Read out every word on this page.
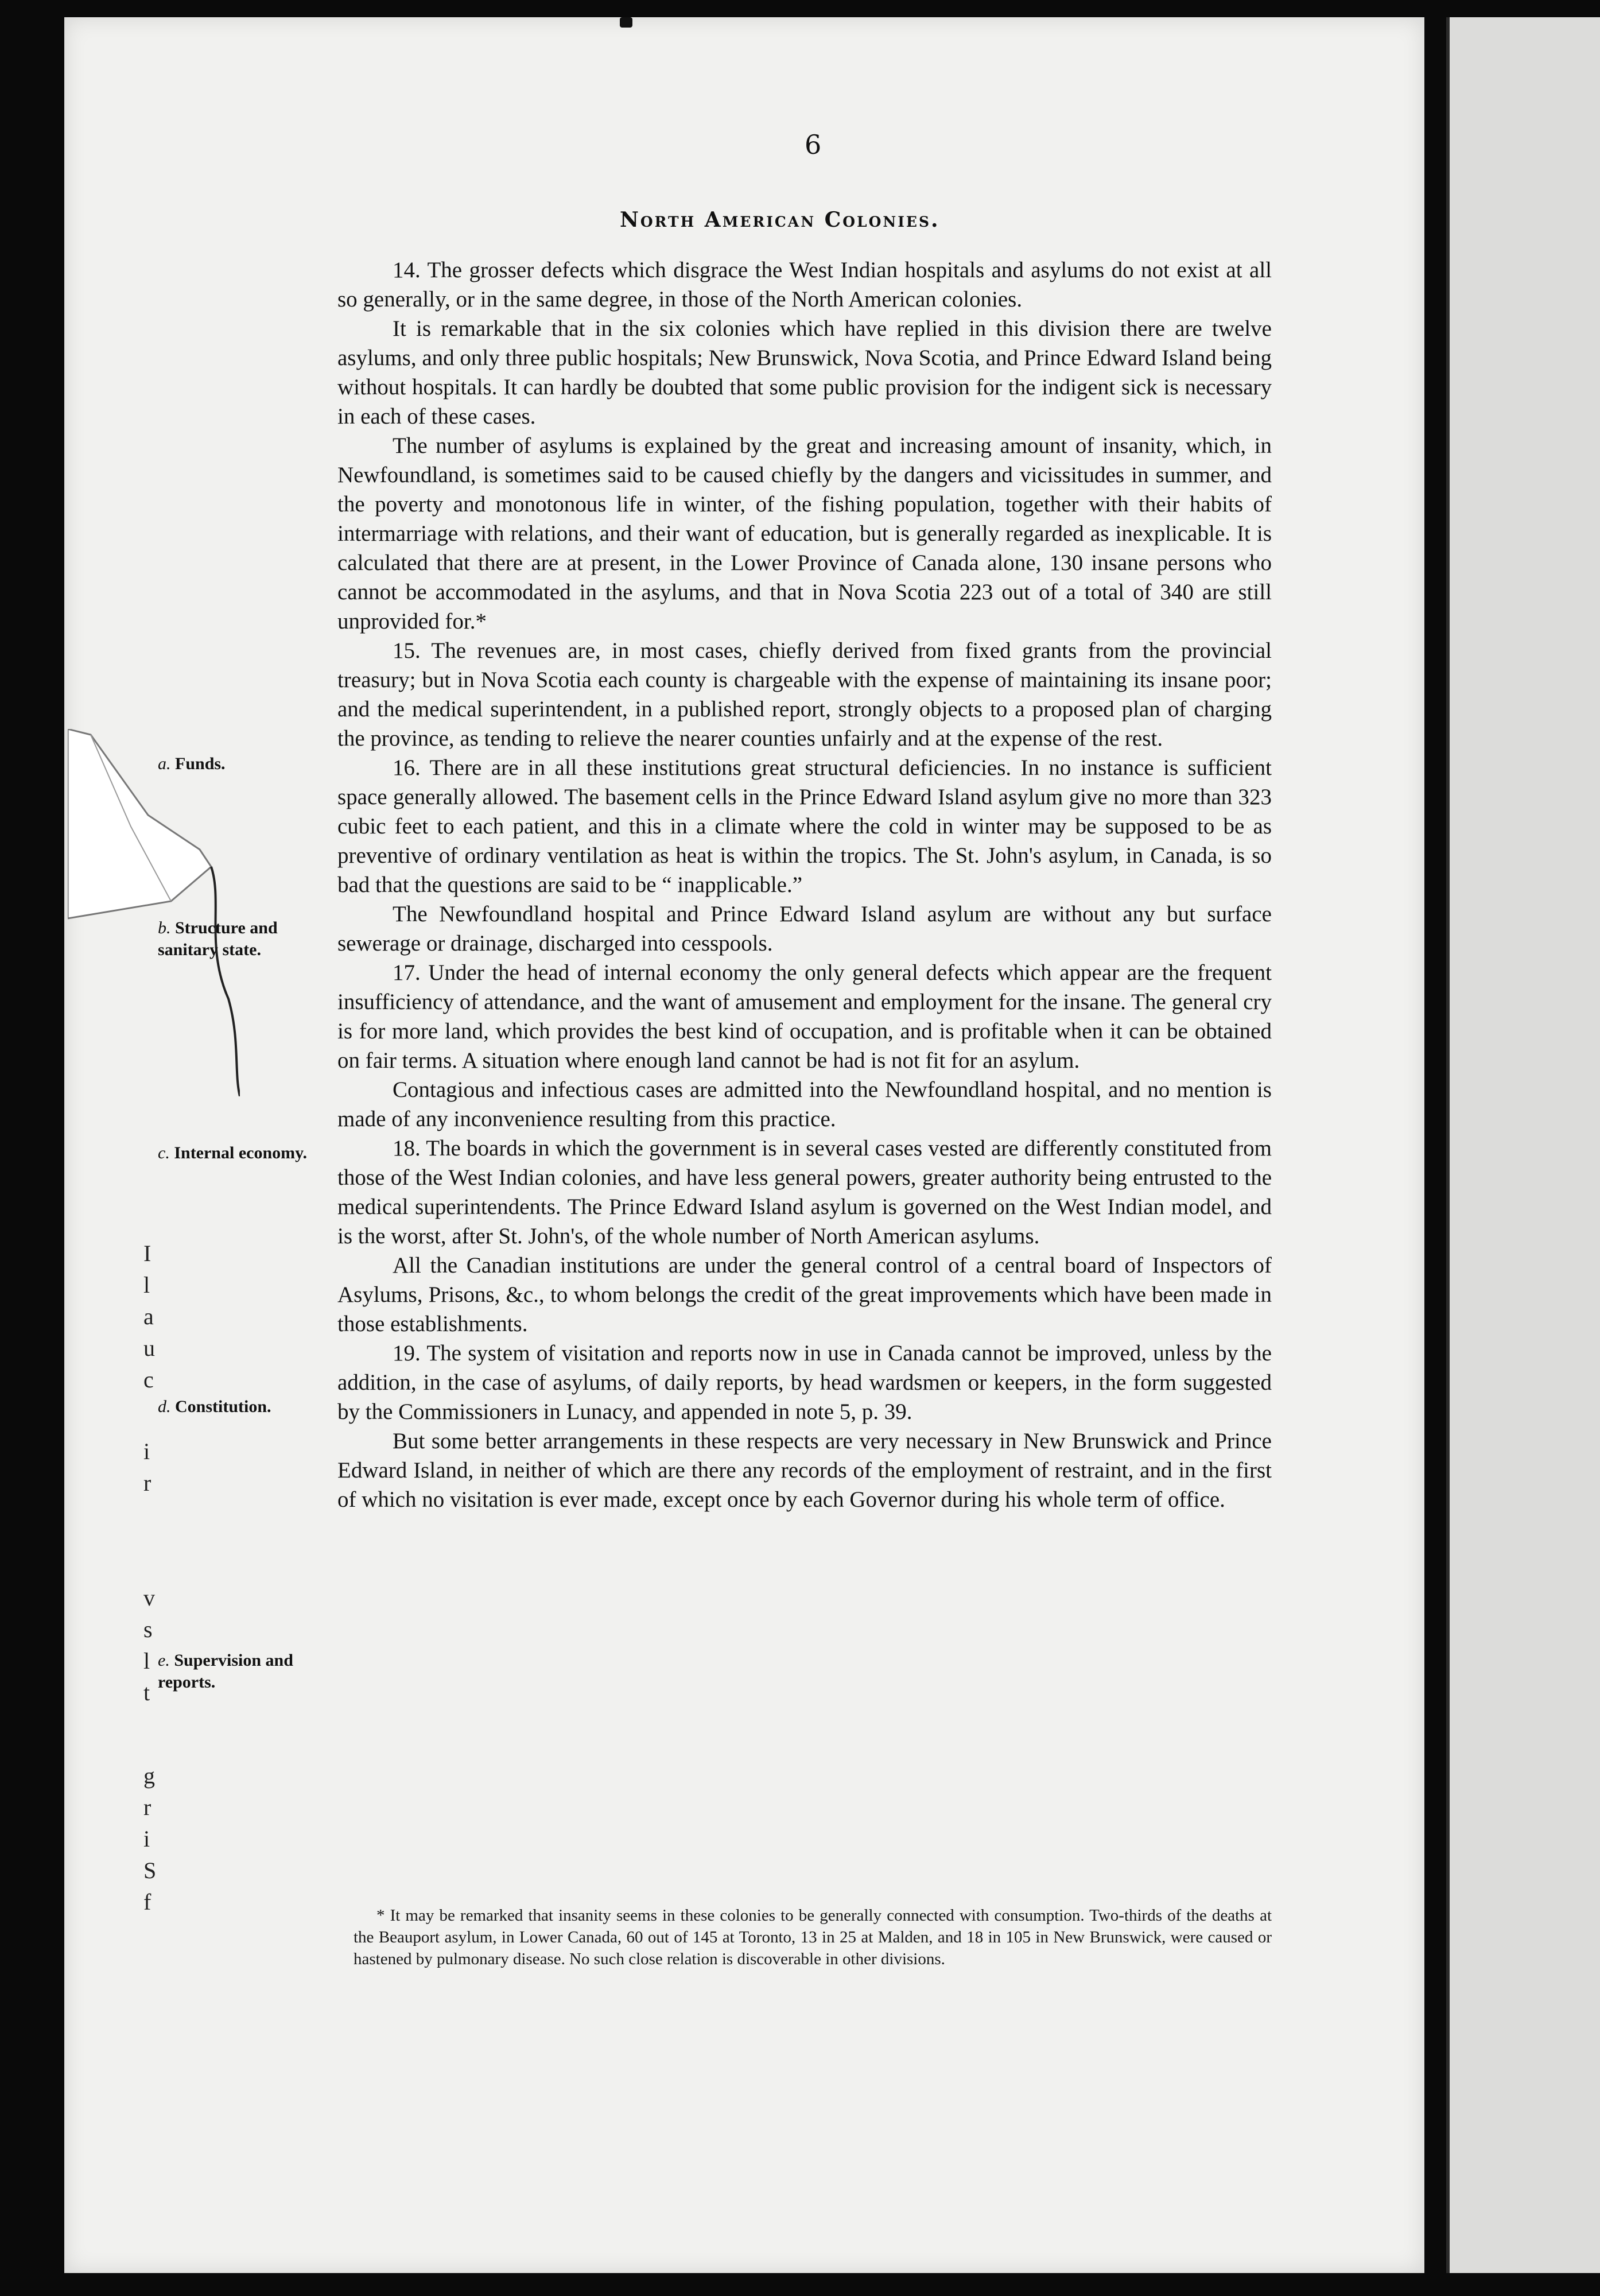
I
l
a
u
c
i
r
v
s
l
t
g
r
i
S
f
6
North American Colonies.

14. The grosser defects which disgrace the West Indian hospitals and asylums do not exist at all so generally, or in the same degree, in those of the North American colonies.

It is remarkable that in the six colonies which have replied in this division there are twelve asylums, and only three public hospitals; New Brunswick, Nova Scotia, and Prince Edward Island being without hospitals. It can hardly be doubted that some public provision for the indigent sick is necessary in each of these cases.

The number of asylums is explained by the great and increasing amount of insanity, which, in Newfoundland, is sometimes said to be caused chiefly by the dangers and vicissitudes in summer, and the poverty and monotonous life in winter, of the fishing population, together with their habits of intermarriage with relations, and their want of education, but is generally regarded as inexplicable. It is calculated that there are at present, in the Lower Province of Canada alone, 130 insane persons who cannot be accommodated in the asylums, and that in Nova Scotia 223 out of a total of 340 are still unprovided for.*

15. The revenues are, in most cases, chiefly derived from fixed grants from the provincial treasury; but in Nova Scotia each county is chargeable with the expense of maintaining its insane poor; and the medical superintendent, in a published report, strongly objects to a proposed plan of charging the province, as tending to relieve the nearer counties unfairly and at the expense of the rest.

16. There are in all these institutions great structural deficiencies. In no instance is sufficient space generally allowed. The basement cells in the Prince Edward Island asylum give no more than 323 cubic feet to each patient, and this in a climate where the cold in winter may be supposed to be as preventive of ordinary ventilation as heat is within the tropics. The St. John's asylum, in Canada, is so bad that the questions are said to be “ inapplicable.”

The Newfoundland hospital and Prince Edward Island asylum are without any but surface sewerage or drainage, discharged into cesspools.

17. Under the head of internal economy the only general defects which appear are the frequent insufficiency of attendance, and the want of amusement and employment for the insane. The general cry is for more land, which provides the best kind of occupation, and is profitable when it can be obtained on fair terms. A situation where enough land cannot be had is not fit for an asylum.

Contagious and infectious cases are admitted into the Newfoundland hospital, and no mention is made of any inconvenience resulting from this practice.

18. The boards in which the government is in several cases vested are differently constituted from those of the West Indian colonies, and have less general powers, greater authority being entrusted to the medical superintendents. The Prince Edward Island asylum is governed on the West Indian model, and is the worst, after St. John's, of the whole number of North American asylums.

All the Canadian institutions are under the general control of a central board of Inspectors of Asylums, Prisons, &c., to whom belongs the credit of the great improvements which have been made in those establishments.

19. The system of visitation and reports now in use in Canada cannot be improved, unless by the addition, in the case of asylums, of daily reports, by head wardsmen or keepers, in the form suggested by the Commissioners in Lunacy, and appended in note 5, p. 39.

But some better arrangements in these respects are very necessary in New Brunswick and Prince Edward Island, in neither of which are there any records of the employment of restraint, and in the first of which no visitation is ever made, except once by each Governor during his whole term of office.

a. Funds.
b. Structure and sanitary state.
c. Internal economy.
d. Constitution.
e. Supervision and reports.
* It may be remarked that insanity seems in these colonies to be generally connected with consumption. Two-thirds of the deaths at the Beauport asylum, in Lower Canada, 60 out of 145 at Toronto, 13 in 25 at Malden, and 18 in 105 in New Brunswick, were caused or hastened by pulmonary disease. No such close relation is discoverable in other divisions.
